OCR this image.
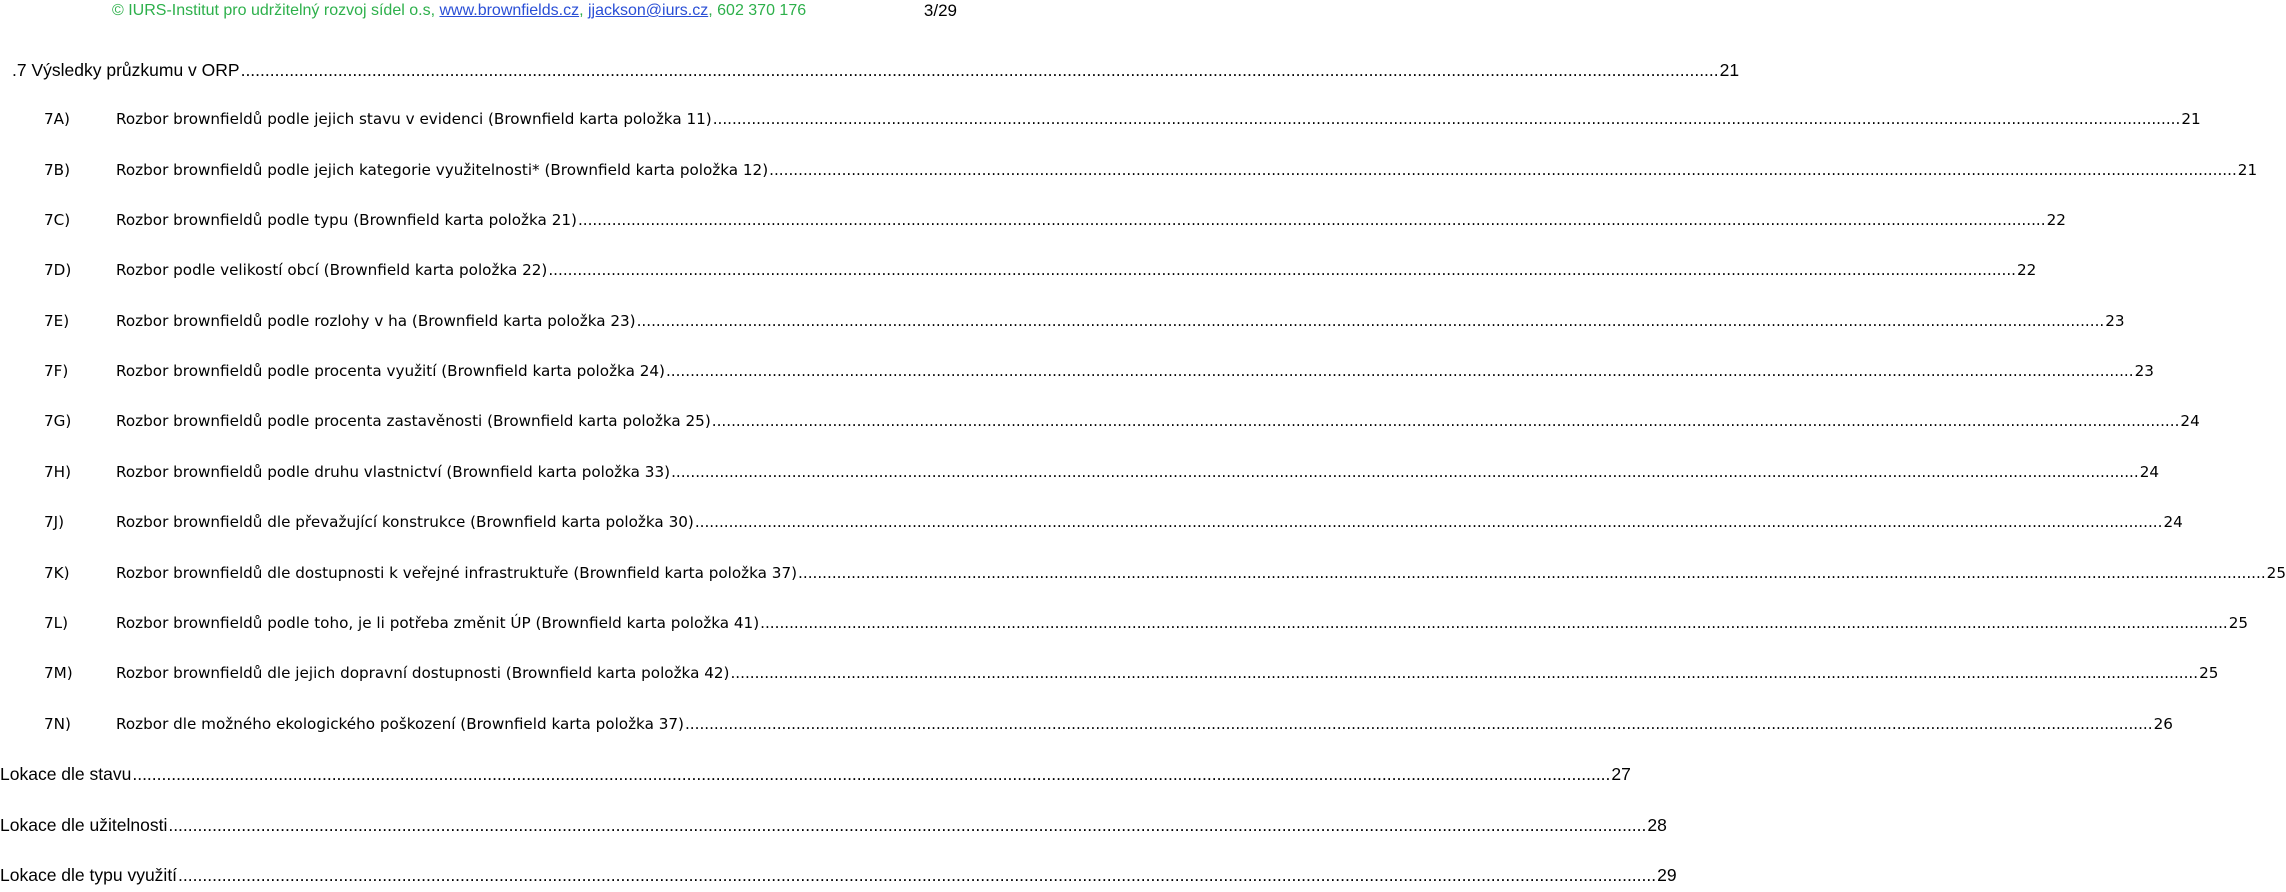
© IURS-Institut pro udržitelný rozvoj sídel o.s, www.brownfields.cz, jjackson@iurs.cz, 602 370 176	3/29
.7 Výsledky průzkumu v ORP .....	21
7A)	Rozbor brownfieldů podle jejich stavu v evidenci (Brownfield karta položka 11) .....	21
7B)	Rozbor brownfieldů podle jejich kategorie využitelnosti* (Brownfield karta položka 12) .....	21
7C)	Rozbor brownfieldů podle typu (Brownfield karta položka 21) .....	22
7D)	Rozbor podle velikostí obcí (Brownfield karta položka 22) .....	22
7E)	Rozbor brownfieldů podle rozlohy v ha (Brownfield karta položka 23) .....	23
7F)	Rozbor brownfieldů podle procenta využití (Brownfield karta položka 24) .....	23
7G)	Rozbor brownfieldů podle procenta zastavěnosti (Brownfield karta položka 25) .....	24
7H)	Rozbor brownfieldů podle druhu vlastnictví (Brownfield karta položka 33) .....	24
7J)	Rozbor brownfieldů dle převažující konstrukce (Brownfield karta položka 30) .....	24
7K)	Rozbor brownfieldů dle dostupnosti k veřejné infrastruktuře (Brownfield karta položka 37) .....	25
7L)	Rozbor brownfieldů podle toho, je li potřeba změnit ÚP (Brownfield karta položka 41) .....	25
7M)	Rozbor brownfieldů dle jejich dopravní dostupnosti (Brownfield karta položka 42) .....	25
7N)	Rozbor dle možného ekologického poškození (Brownfield karta položka 37) .....	26
Lokace dle stavu .....	27
Lokace dle užitelnosti .....	28
Lokace dle typu využití .....	29
